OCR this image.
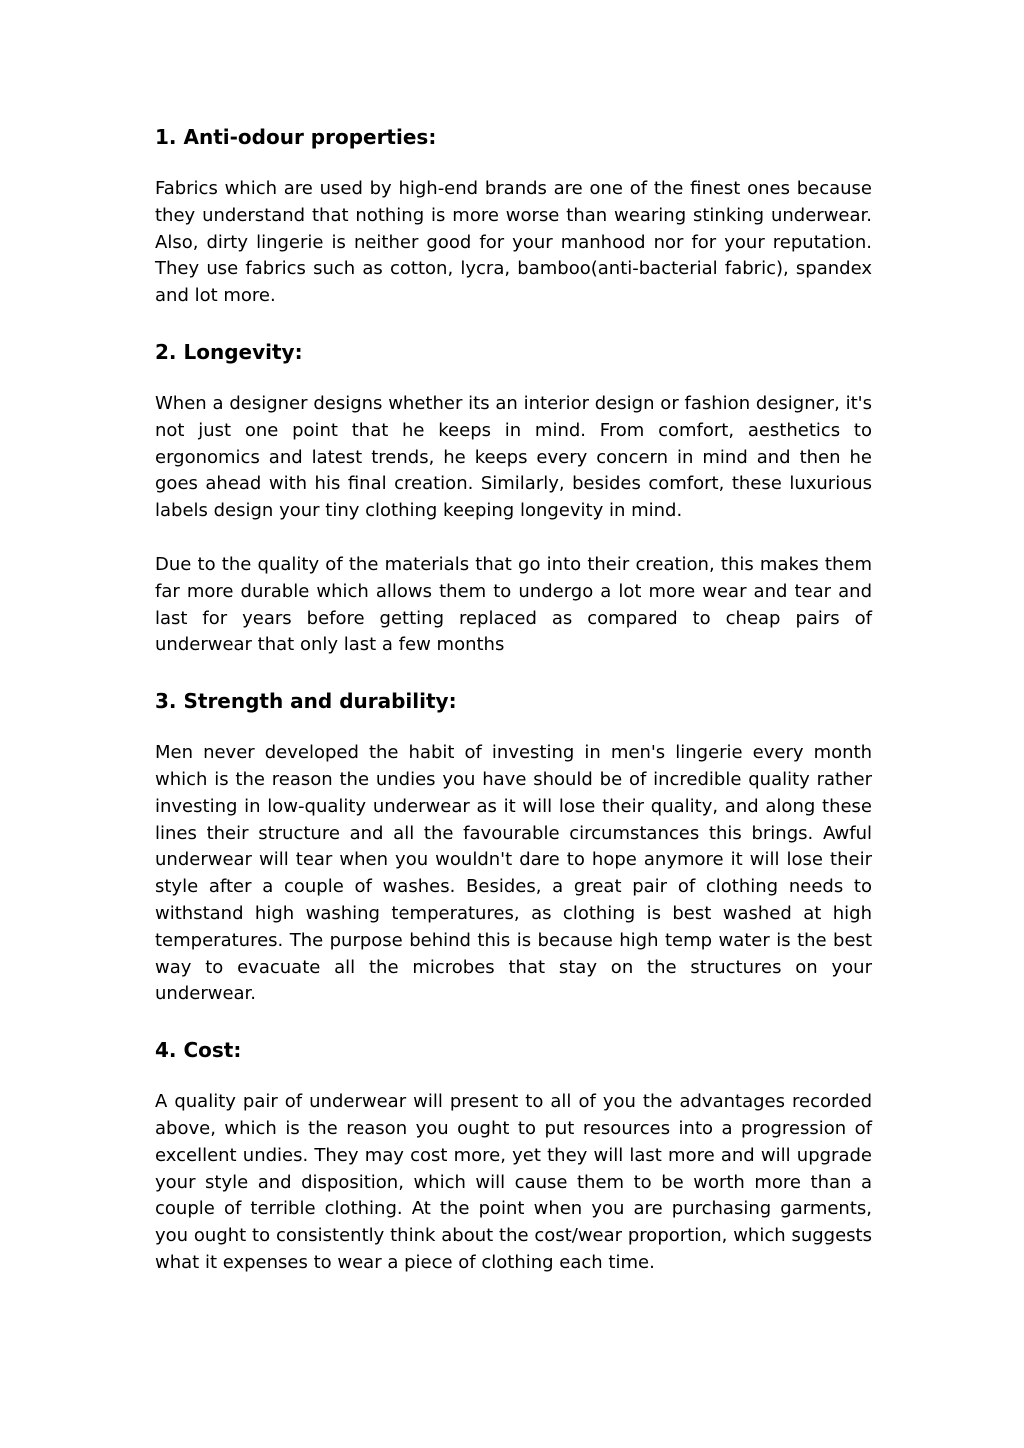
1. Anti-odour properties:

Fabrics which are used by high-end brands are one of the finest ones because they understand that nothing is more worse than wearing stinking underwear. Also, dirty lingerie is neither good for your manhood nor for your reputation. They use fabrics such as cotton, lycra, bamboo(anti-bacterial fabric), spandex and lot more.

2. Longevity:

When a designer designs whether its an interior design or fashion designer, it's not just one point that he keeps in mind. From comfort, aesthetics to ergonomics and latest trends, he keeps every concern in mind and then he goes ahead with his final creation. Similarly, besides comfort, these luxurious labels design your tiny clothing keeping longevity in mind.

Due to the quality of the materials that go into their creation, this makes them far more durable which allows them to undergo a lot more wear and tear and last for years before getting replaced as compared to cheap pairs of underwear that only last a few months

3. Strength and durability:

Men never developed the habit of investing in men's lingerie every month which is the reason the undies you have should be of incredible quality rather investing in low-quality underwear as it will lose their quality, and along these lines their structure and all the favourable circumstances this brings. Awful underwear will tear when you wouldn't dare to hope anymore it will lose their style after a couple of washes. Besides, a great pair of clothing needs to withstand high washing temperatures, as clothing is best washed at high temperatures. The purpose behind this is because high temp water is the best way to evacuate all the microbes that stay on the structures on your underwear.

4. Cost:

A quality pair of underwear will present to all of you the advantages recorded above, which is the reason you ought to put resources into a progression of excellent undies. They may cost more, yet they will last more and will upgrade your style and disposition, which will cause them to be worth more than a couple of terrible clothing. At the point when you are purchasing garments, you ought to consistently think about the cost/wear proportion, which suggests what it expenses to wear a piece of clothing each time.
